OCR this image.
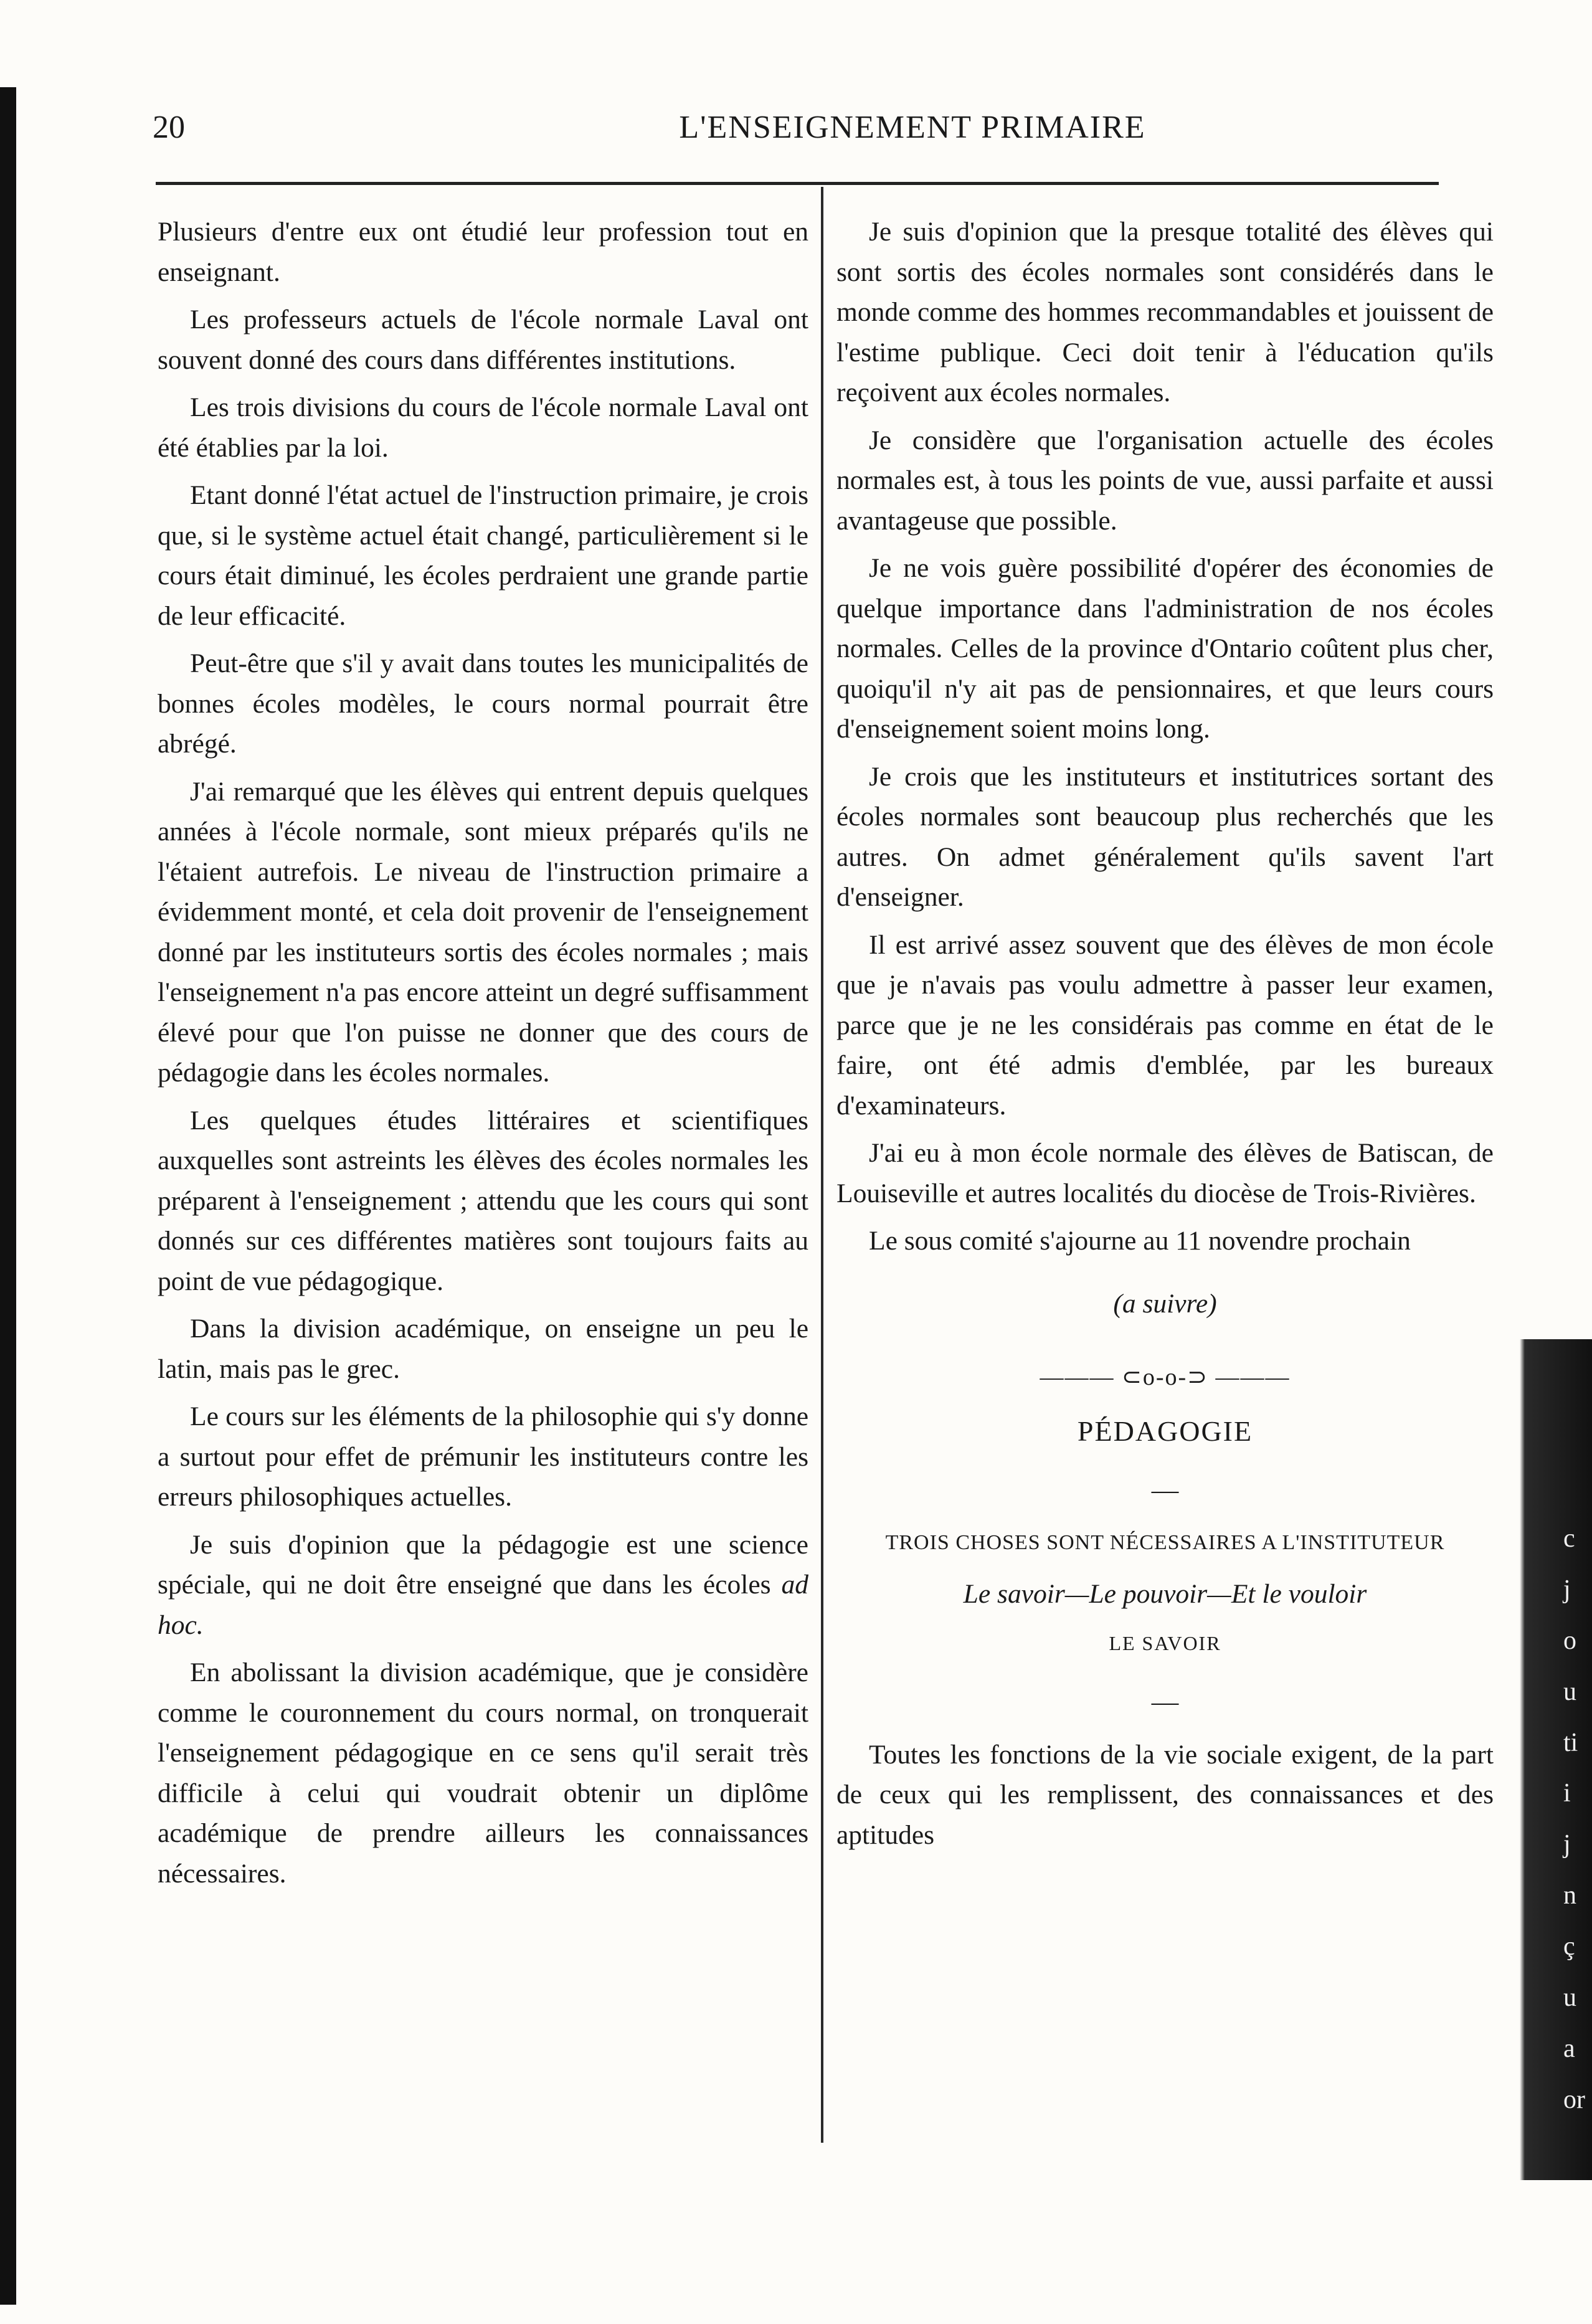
c
j
o
u
ti
i
j
n
ç
u
a
or
20	L'ENSEIGNEMENT PRIMAIRE

Plusieurs d'entre eux ont étudié leur profession tout en enseignant.

Les professeurs actuels de l'école normale Laval ont souvent donné des cours dans différentes institutions.

Les trois divisions du cours de l'école normale Laval ont été établies par la loi.

Etant donné l'état actuel de l'instruction primaire, je crois que, si le système actuel était changé, particulièrement si le cours était diminué, les écoles perdraient une grande partie de leur efficacité.

Peut-être que s'il y avait dans toutes les municipalités de bonnes écoles modèles, le cours normal pourrait être abrégé.

J'ai remarqué que les élèves qui entrent depuis quelques années à l'école normale, sont mieux préparés qu'ils ne l'étaient autrefois. Le niveau de l'instruction primaire a évidemment monté, et cela doit provenir de l'enseignement donné par les instituteurs sortis des écoles normales ; mais l'enseignement n'a pas encore atteint un degré suffisamment élevé pour que l'on puisse ne donner que des cours de pédagogie dans les écoles normales.

Les quelques études littéraires et scientifiques auxquelles sont astreints les élèves des écoles normales les préparent à l'enseignement ; attendu que les cours qui sont donnés sur ces différentes matières sont toujours faits au point de vue pédagogique.

Dans la division académique, on enseigne un peu le latin, mais pas le grec.

Le cours sur les éléments de la philosophie qui s'y donne a surtout pour effet de prémunir les instituteurs contre les erreurs philosophiques actuelles.

Je suis d'opinion que la pédagogie est une science spéciale, qui ne doit être enseigné que dans les écoles ad hoc.

En abolissant la division académique, que je considère comme le couronnement du cours normal, on tronquerait l'enseignement pédagogique en ce sens qu'il serait très difficile à celui qui voudrait obtenir un diplôme académique de prendre ailleurs les connaissances nécessaires.

Je suis d'opinion que la presque totalité des élèves qui sont sortis des écoles normales sont considérés dans le monde comme des hommes recommandables et jouissent de l'estime publique. Ceci doit tenir à l'éducation qu'ils reçoivent aux écoles normales.

Je considère que l'organisation actuelle des écoles normales est, à tous les points de vue, aussi parfaite et aussi avantageuse que possible.

Je ne vois guère possibilité d'opérer des économies de quelque importance dans l'administration de nos écoles normales. Celles de la province d'Ontario coûtent plus cher, quoiqu'il n'y ait pas de pensionnaires, et que leurs cours d'enseignement soient moins long.

Je crois que les instituteurs et institutrices sortant des écoles normales sont beaucoup plus recherchés que les autres. On admet généralement qu'ils savent l'art d'enseigner.

Il est arrivé assez souvent que des élèves de mon école que je n'avais pas voulu admettre à passer leur examen, parce que je ne les considérais pas comme en état de le faire, ont été admis d'emblée, par les bureaux d'examinateurs.

J'ai eu à mon école normale des élèves de Batiscan, de Louiseville et autres localités du diocèse de Trois-Rivières.

Le sous comité s'ajourne au 11 novendre prochain

(a suivre)

——— ⊂o-o-⊃ ———

PÉDAGOGIE

—

TROIS CHOSES SONT NÉCESSAIRES A L'INSTITUTEUR

Le savoir—Le pouvoir—Et le vouloir

LE SAVOIR

—

Toutes les fonctions de la vie sociale exigent, de la part de ceux qui les remplissent, des connaissances et des aptitudes
